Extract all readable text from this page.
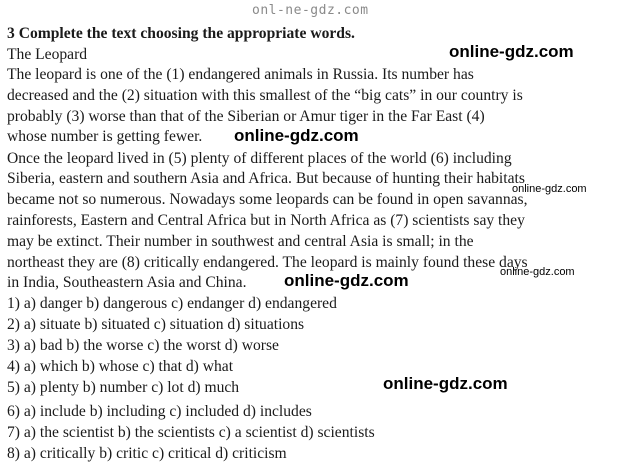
onl-ne-gdz.com
3 Complete the text choosing the appropriate words.
The Leopard
The leopard is one of the (1) endangered animals in Russia. Its number has
decreased and the (2) situation with this smallest of the “big cats” in our country is
probably (3) worse than that of the Siberian or Amur tiger in the Far East (4)
whose number is getting fewer.
Once the leopard lived in (5) plenty of different places of the world (6) including
Siberia, eastern and southern Asia and Africa. But because of hunting their habitats
became not so numerous. Nowadays some leopards can be found in open savannas,
rainforests, Eastern and Central Africa but in North Africa as (7) scientists say they
may be extinct. Their number in southwest and central Asia is small; in the
northeast they are (8) critically endangered. The leopard is mainly found these days
in India, Southeastern Asia and China.
1) a) danger b) dangerous c) endanger d) endangered
2) a) situate b) situated c) situation d) situations
3) a) bad b) the worse c) the worst d) worse
4) a) which b) whose c) that d) what
5) a) plenty b) number c) lot d) much
6) a) include b) including c) included d) includes
7) a) the scientist b) the scientists c) a scientist d) scientists
8) a) critically b) critic c) critical d) criticism
online-gdz.com
online-gdz.com
online-gdz.com
online-gdz.com	online-gdz.com
online-gdz.com
